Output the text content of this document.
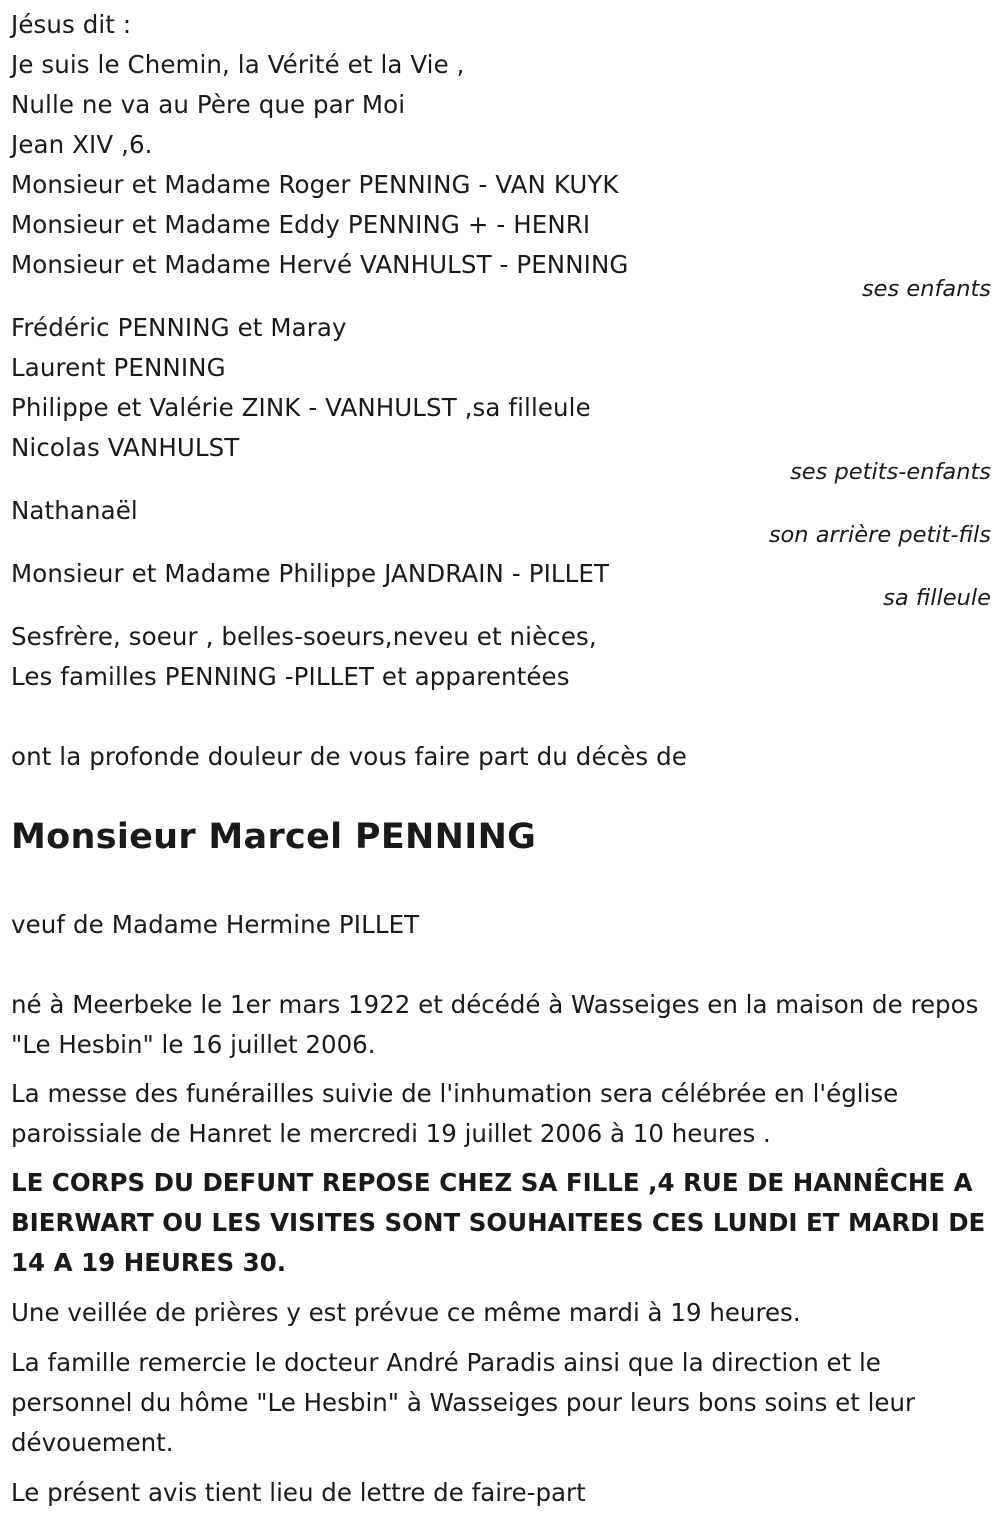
Jésus dit :
Je suis le Chemin, la Vérité et la Vie ,
Nulle ne va au Père que par Moi
Jean XIV ,6.
Monsieur et Madame Roger PENNING - VAN KUYK
Monsieur et Madame Eddy PENNING + - HENRI
Monsieur et Madame Hervé VANHULST - PENNING
ses enfants
Frédéric PENNING et Maray
Laurent PENNING
Philippe et Valérie ZINK - VANHULST ,sa filleule
Nicolas VANHULST
ses petits-enfants
Nathanaël
son arrière petit-fils
Monsieur et Madame Philippe JANDRAIN - PILLET
sa filleule
Sesfrère, soeur , belles-soeurs,neveu et nièces,
Les familles PENNING -PILLET et apparentées
ont la profonde douleur de vous faire part du décès de
Monsieur Marcel PENNING
veuf de Madame Hermine PILLET

né à Meerbeke le 1er mars 1922 et décédé à Wasseiges en la maison de repos "Le Hesbin" le 16 juillet 2006.

La messe des funérailles suivie de l'inhumation sera célébrée en l'église paroissiale de Hanret le mercredi 19 juillet 2006 à 10 heures .

LE CORPS DU DEFUNT REPOSE CHEZ SA FILLE ,4 RUE DE HANNÊCHE A BIERWART OU LES VISITES SONT SOUHAITEES CES LUNDI ET MARDI DE 14 A 19 HEURES 30.

Une veillée de prières y est prévue ce même mardi à 19 heures.

La famille remercie le docteur André Paradis ainsi que la direction et le personnel du hôme "Le Hesbin" à Wasseiges pour leurs bons soins et leur dévouement.

Le présent avis tient lieu de lettre de faire-part
